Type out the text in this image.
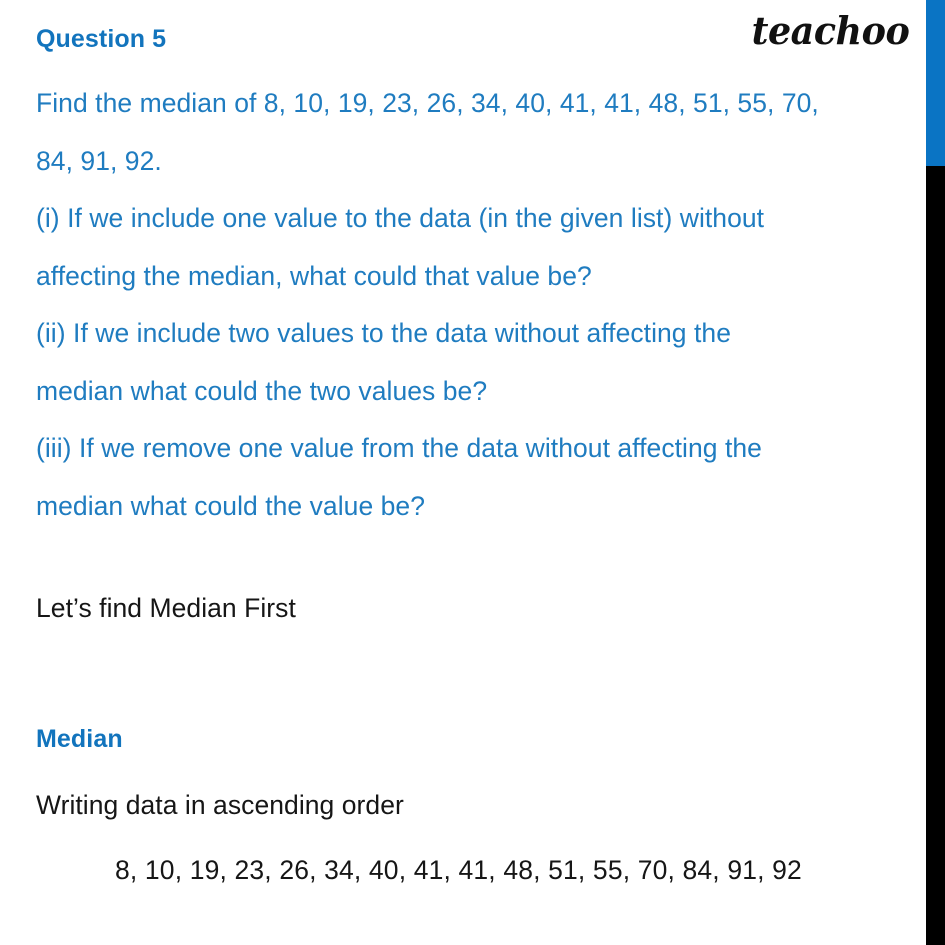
teachoo
Question 5
Find the median of 8, 10, 19, 23, 26, 34, 40, 41, 41, 48, 51, 55, 70,
84, 91, 92.
(i) If we include one value to the data (in the given list) without
affecting the median, what could that value be?
(ii) If we include two values to the data without affecting the
median what could the two values be?
(iii) If we remove one value from the data without affecting the
median what could the value be?
Let’s find Median First
Median
Writing data in ascending order
8, 10, 19, 23, 26, 34, 40, 41, 41, 48, 51, 55, 70, 84, 91, 92
